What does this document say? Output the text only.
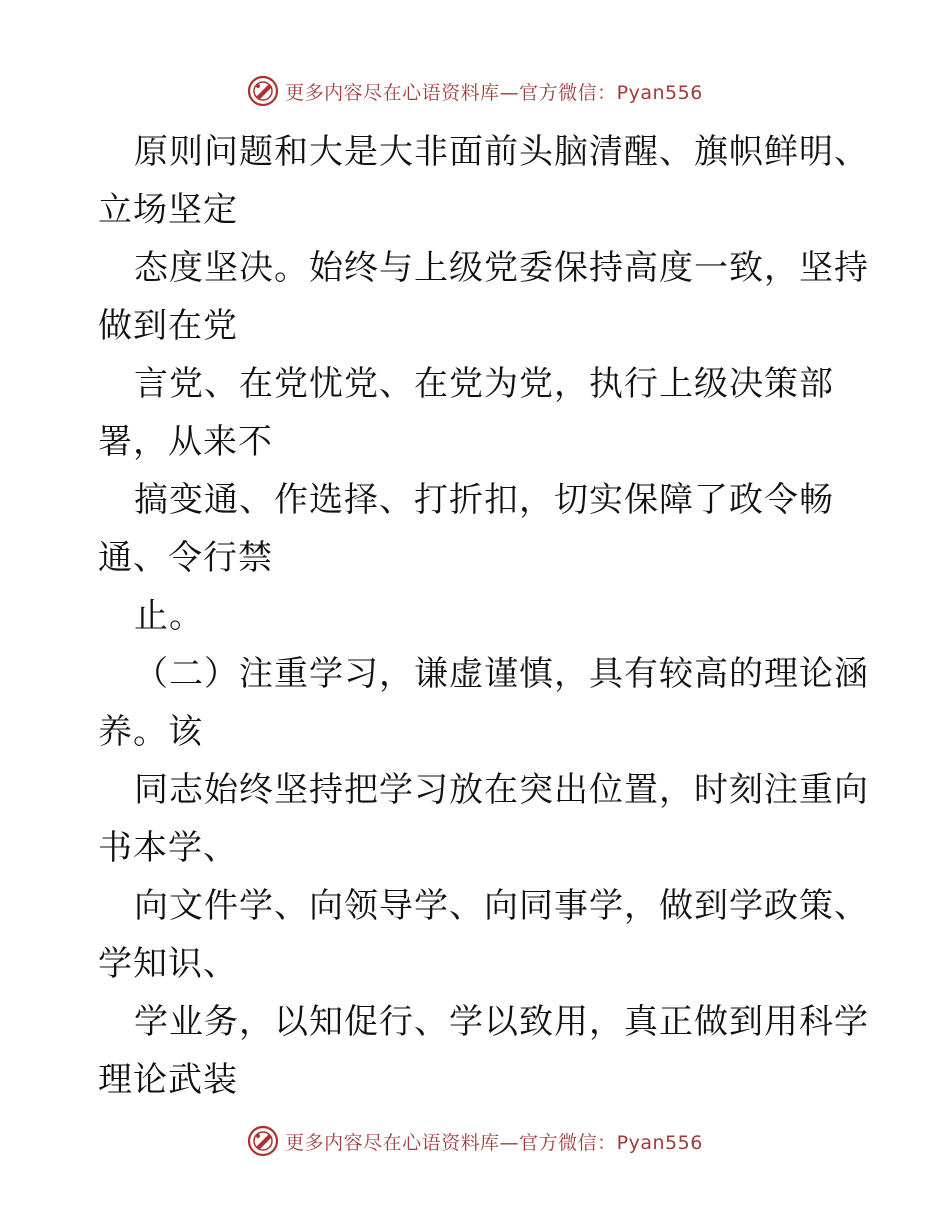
更多内容尽在心语资料库—官方微信：Pyan556
原则问题和大是大非面前头脑清醒、旗帜鲜明、
立场坚定
态度坚决。始终与上级党委保持高度一致，坚持
做到在党
言党、在党忧党、在党为党，执行上级决策部
署，从来不
搞变通、作选择、打折扣，切实保障了政令畅
通、令行禁
止。
（二）注重学习，谦虚谨慎，具有较高的理论涵
养。该
同志始终坚持把学习放在突出位置，时刻注重向
书本学、
向文件学、向领导学、向同事学，做到学政策、
学知识、
学业务，以知促行、学以致用，真正做到用科学
理论武装
更多内容尽在心语资料库—官方微信：Pyan556
